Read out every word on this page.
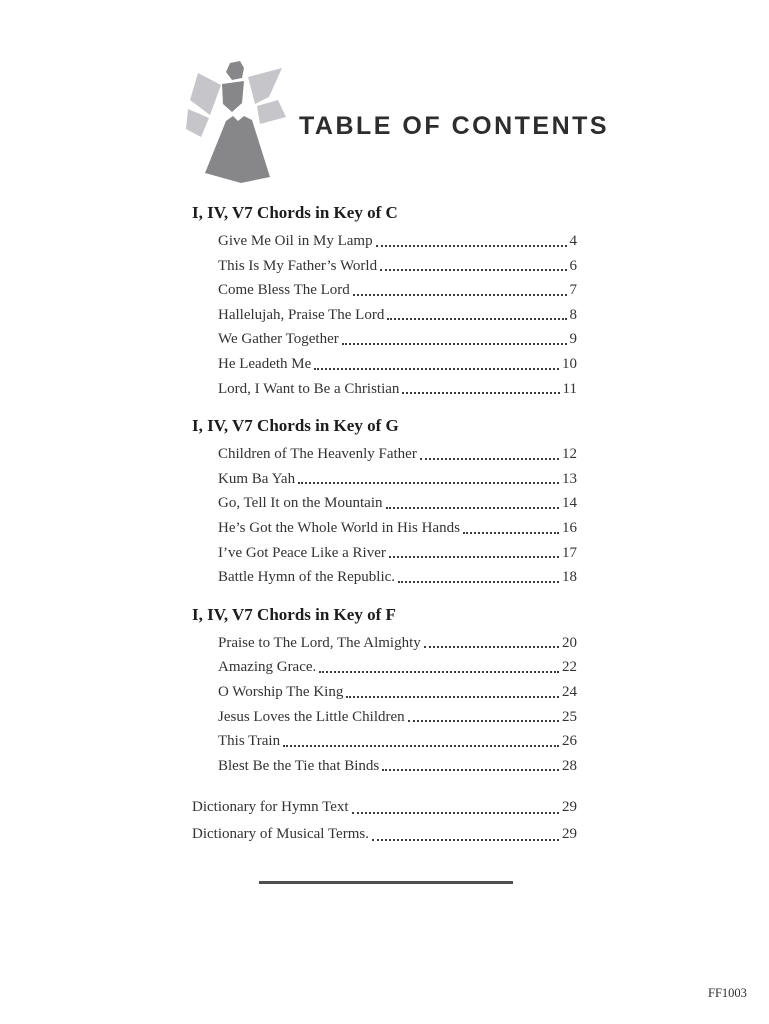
TABLE OF CONTENTS
I, IV, V7 Chords in Key of C
Give Me Oil in My Lamp	4
This Is My Father’s World	6
Come Bless The Lord	7
Hallelujah, Praise The Lord	8
We Gather Together	9
He Leadeth Me	10
Lord, I Want to Be a Christian	11
I, IV, V7 Chords in Key of G
Children of The Heavenly Father	12
Kum Ba Yah	13
Go, Tell It on the Mountain	14
He’s Got the Whole World in His Hands	16
I’ve Got Peace Like a River	17
Battle Hymn of the Republic.	18
I, IV, V7 Chords in Key of F
Praise to The Lord, The Almighty	20
Amazing Grace.	22
O Worship The King	24
Jesus Loves the Little Children	25
This Train	26
Blest Be the Tie that Binds	28
Dictionary for Hymn Text	29
Dictionary of Musical Terms.	29
FF1003
